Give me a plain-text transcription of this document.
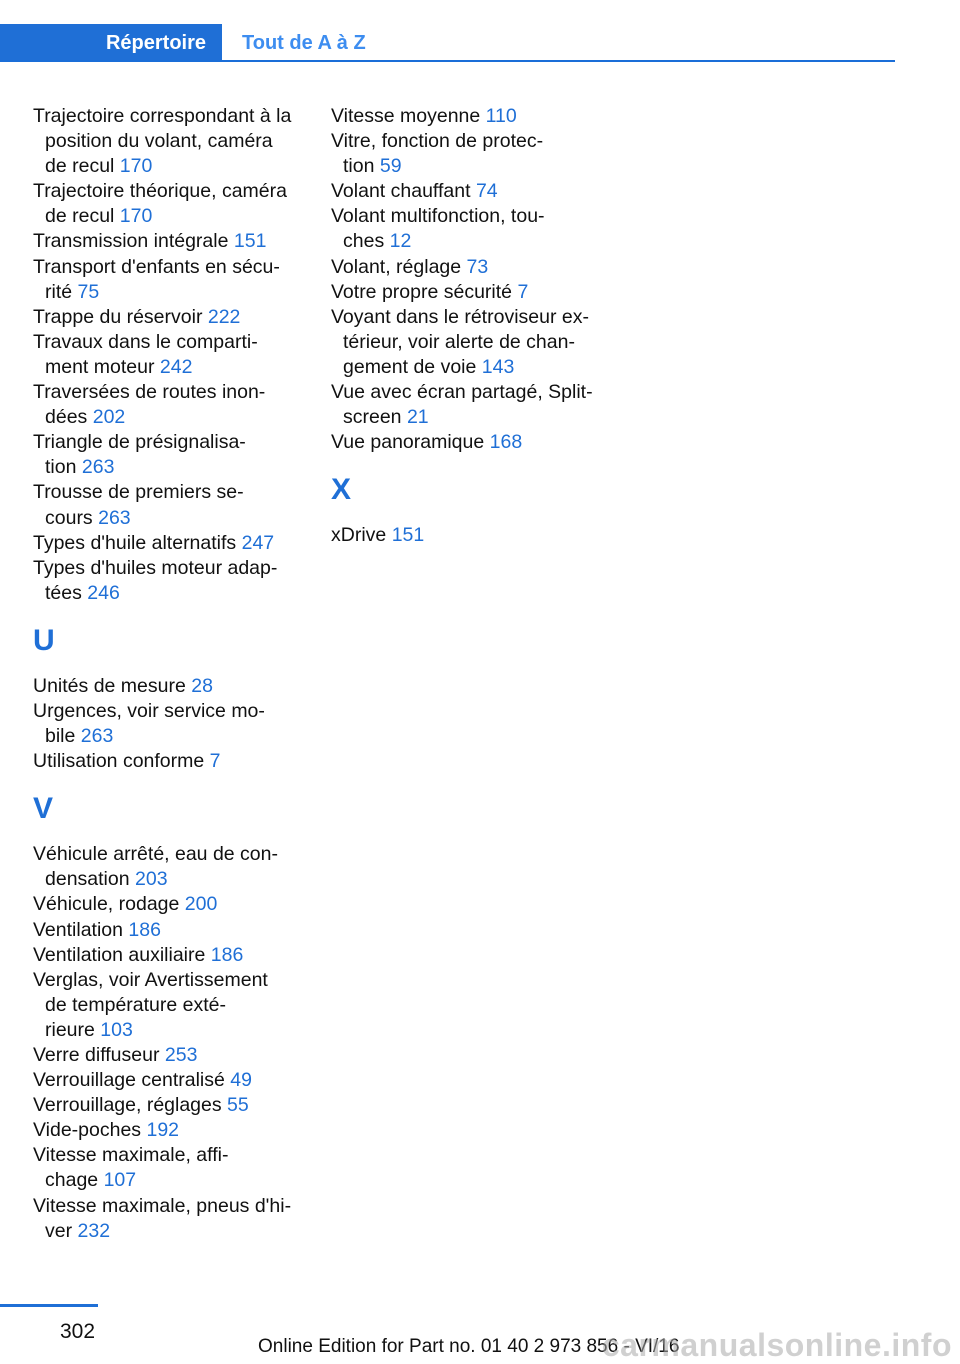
Répertoire	Tout de A à Z
Trajectoire correspondant à la
position du volant, caméra
de recul 170
Trajectoire théorique, caméra
de recul 170
Transmission intégrale 151
Transport d'enfants en sécu-
rité 75
Trappe du réservoir 222
Travaux dans le comparti-
ment moteur 242
Traversées de routes inon-
dées 202
Triangle de présignalisa-
tion 263
Trousse de premiers se-
cours 263
Types d'huile alternatifs 247
Types d'huiles moteur adap-
tées 246
U
Unités de mesure 28
Urgences, voir service mo-
bile 263
Utilisation conforme 7
V
Véhicule arrêté, eau de con-
densation 203
Véhicule, rodage 200
Ventilation 186
Ventilation auxiliaire 186
Verglas, voir Avertissement
de température exté-
rieure 103
Verre diffuseur 253
Verrouillage centralisé 49
Verrouillage, réglages 55
Vide-poches 192
Vitesse maximale, affi-
chage 107
Vitesse maximale, pneus d'hi-
ver 232
Vitesse moyenne 110
Vitre, fonction de protec-
tion 59
Volant chauffant 74
Volant multifonction, tou-
ches 12
Volant, réglage 73
Votre propre sécurité 7
Voyant dans le rétroviseur ex-
térieur, voir alerte de chan-
gement de voie 143
Vue avec écran partagé, Split-
screen 21
Vue panoramique 168
X
xDrive 151
302
Online Edition for Part no. 01 40 2 973 856 - VI/16
carmanualsonline.info
